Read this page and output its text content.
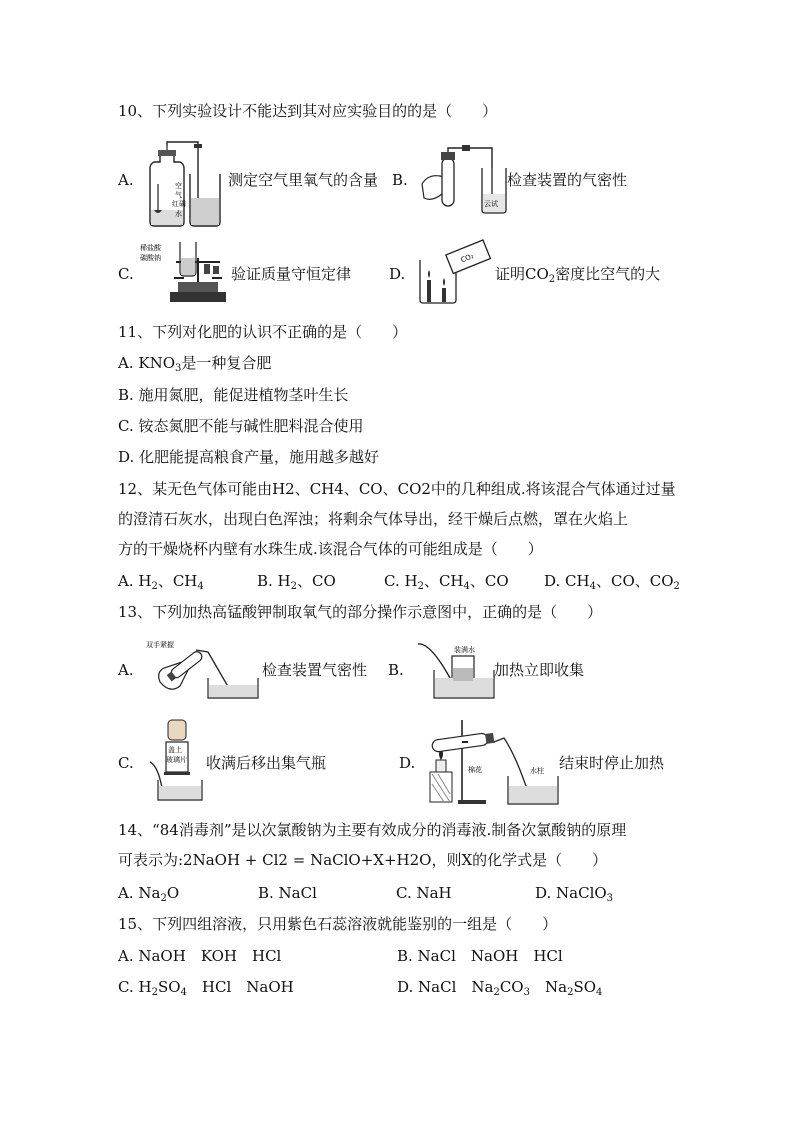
10、下列实验设计不能达到其对应实验目的的是（　　）
A.	空
气
红磷
水
测定空气里氧气的含量 B.
云试
检查装置的气密性
C.
稀盐酸
碳酸钠
验证质量守恒定律	D.
CO₂
证明$CO_2$密度比空气的大
11、下列对化肥的认识不正确的是（　　）
A. $KNO_3$是一种复合肥
B. 施用氮肥，能促进植物茎叶生长
C. 铵态氮肥不能与碱性肥料混合使用
D. 化肥能提高粮食产量，施用越多越好
12、某无色气体可能由H2、CH4、CO、CO2中的几种组成.将该混合气体通过过量
的澄清石灰水，出现白色浑浊；将剩余气体导出，经干燥后点燃，罩在火焰上
方的干燥烧杯内壁有水珠生成.该混合气体的可能组成是（　　）
A. $H_2$、$CH_4$	B. $H_2$、CO	C. $H_2$、$CH_4$、CO D. $CH_4$、CO、$CO_2$
13、下列加热高锰酸钾制取氧气的部分操作示意图中，正确的是（　　）
A.
双手紧握
检查装置气密性 B.
装满水
加热立即收集
C.
盖上
玻璃片 收满后移出集气瓶	D.	棉花	水柱 结束时停止加热
14、“84消毒剂”是以次氯酸钠为主要有效成分的消毒液.制备次氯酸钠的原理
可表示为:2NaOH + Cl2 = NaClO+X+H2O，则X的化学式是（　　）
A. $Na_2O$	B. NaCl	C. NaH	D. NaClO$_3$
15、下列四组溶液，只用紫色石蕊溶液就能鉴别的一组是（　　）
A. NaOH　KOH　HCl	B. NaCl　NaOH　HCl
C. $H_2SO_4$　HCl　NaOH	D. NaCl　$Na_2CO_3$　$Na_2SO_4$
